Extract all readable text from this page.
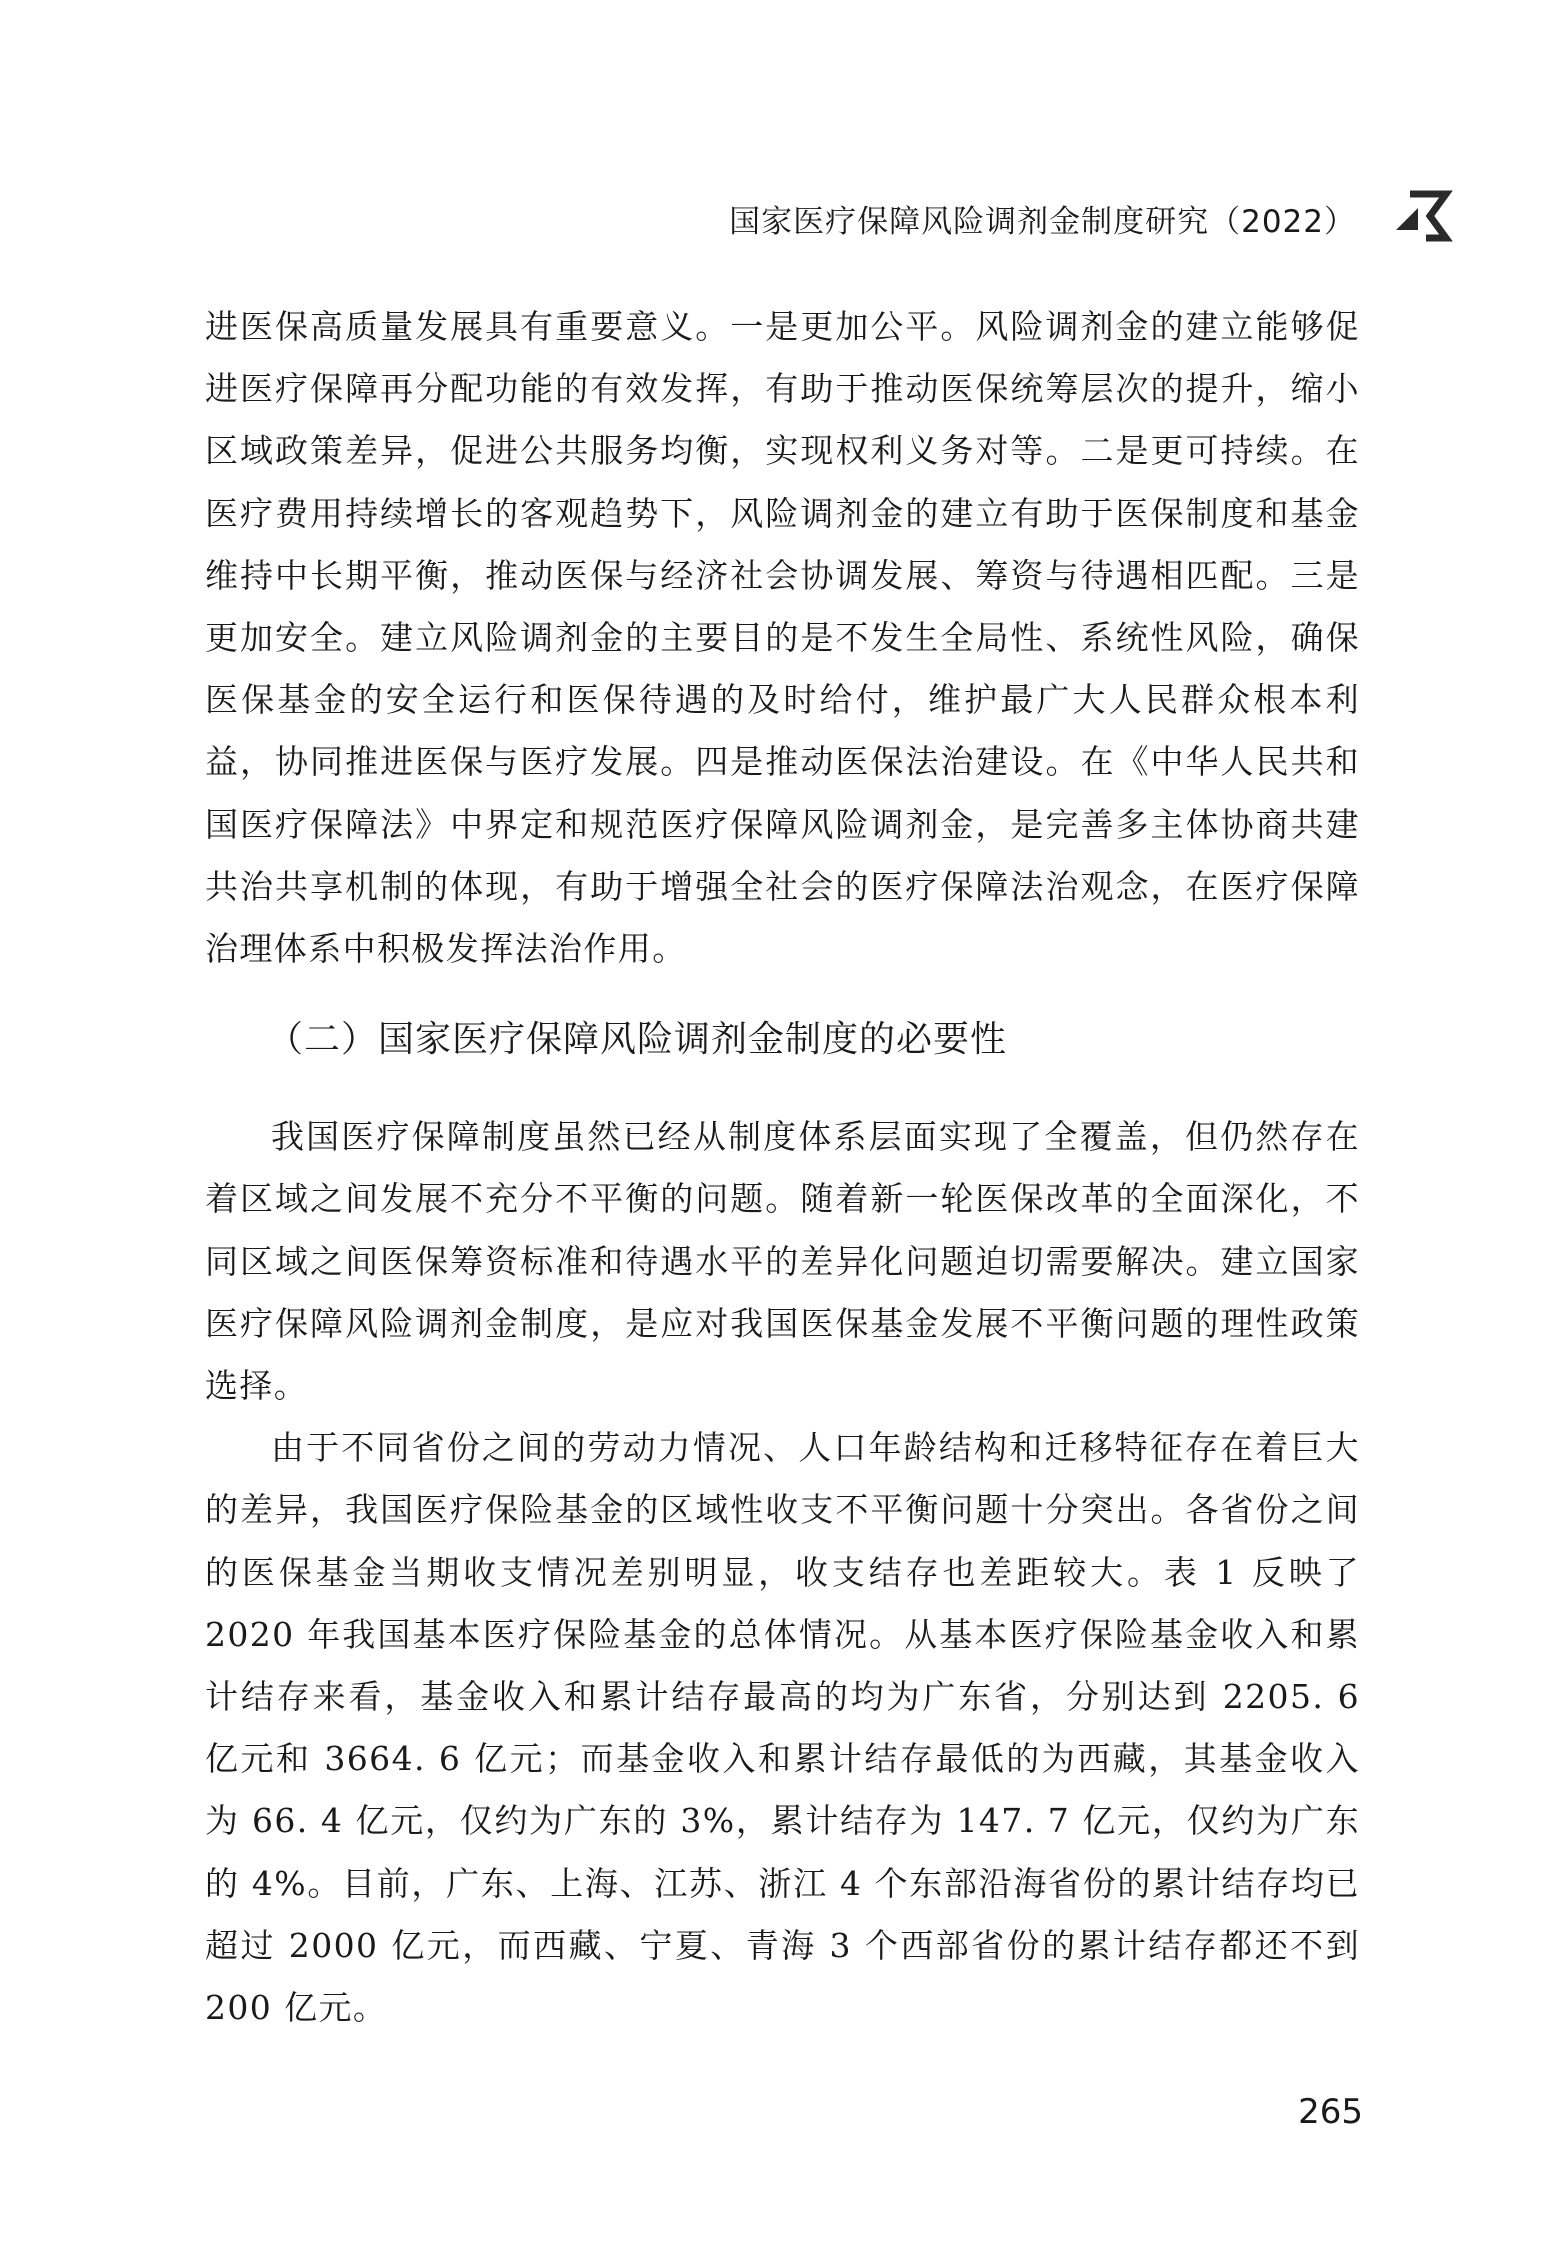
国家医疗保障风险调剂金制度研究（2022）

进医保高质量发展具有重要意义。一是更加公平。风险调剂金的建立能够促进医疗保障再分配功能的有效发挥，有助于推动医保统筹层次的提升，缩小区域政策差异，促进公共服务均衡，实现权利义务对等。二是更可持续。在医疗费用持续增长的客观趋势下，风险调剂金的建立有助于医保制度和基金维持中长期平衡，推动医保与经济社会协调发展、筹资与待遇相匹配。三是更加安全。建立风险调剂金的主要目的是不发生全局性、系统性风险，确保医保基金的安全运行和医保待遇的及时给付，维护最广大人民群众根本利益，协同推进医保与医疗发展。四是推动医保法治建设。在《中华人民共和国医疗保障法》中界定和规范医疗保障风险调剂金，是完善多主体协商共建共治共享机制的体现，有助于增强全社会的医疗保障法治观念，在医疗保障治理体系中积极发挥法治作用。

（二）国家医疗保障风险调剂金制度的必要性

我国医疗保障制度虽然已经从制度体系层面实现了全覆盖，但仍然存在着区域之间发展不充分不平衡的问题。随着新一轮医保改革的全面深化，不同区域之间医保筹资标准和待遇水平的差异化问题迫切需要解决。建立国家医疗保障风险调剂金制度，是应对我国医保基金发展不平衡问题的理性政策选择。

由于不同省份之间的劳动力情况、人口年龄结构和迁移特征存在着巨大的差异，我国医疗保险基金的区域性收支不平衡问题十分突出。各省份之间的医保基金当期收支情况差别明显，收支结存也差距较大。表 1 反映了 2020 年我国基本医疗保险基金的总体情况。从基本医疗保险基金收入和累计结存来看，基金收入和累计结存最高的均为广东省，分别达到 2205. 6 亿元和 3664. 6 亿元；而基金收入和累计结存最低的为西藏，其基金收入为 66. 4 亿元，仅约为广东的 3%，累计结存为 147. 7 亿元，仅约为广东的 4%。目前，广东、上海、江苏、浙江 4 个东部沿海省份的累计结存均已超过 2000 亿元，而西藏、宁夏、青海 3 个西部省份的累计结存都还不到 200 亿元。

265
